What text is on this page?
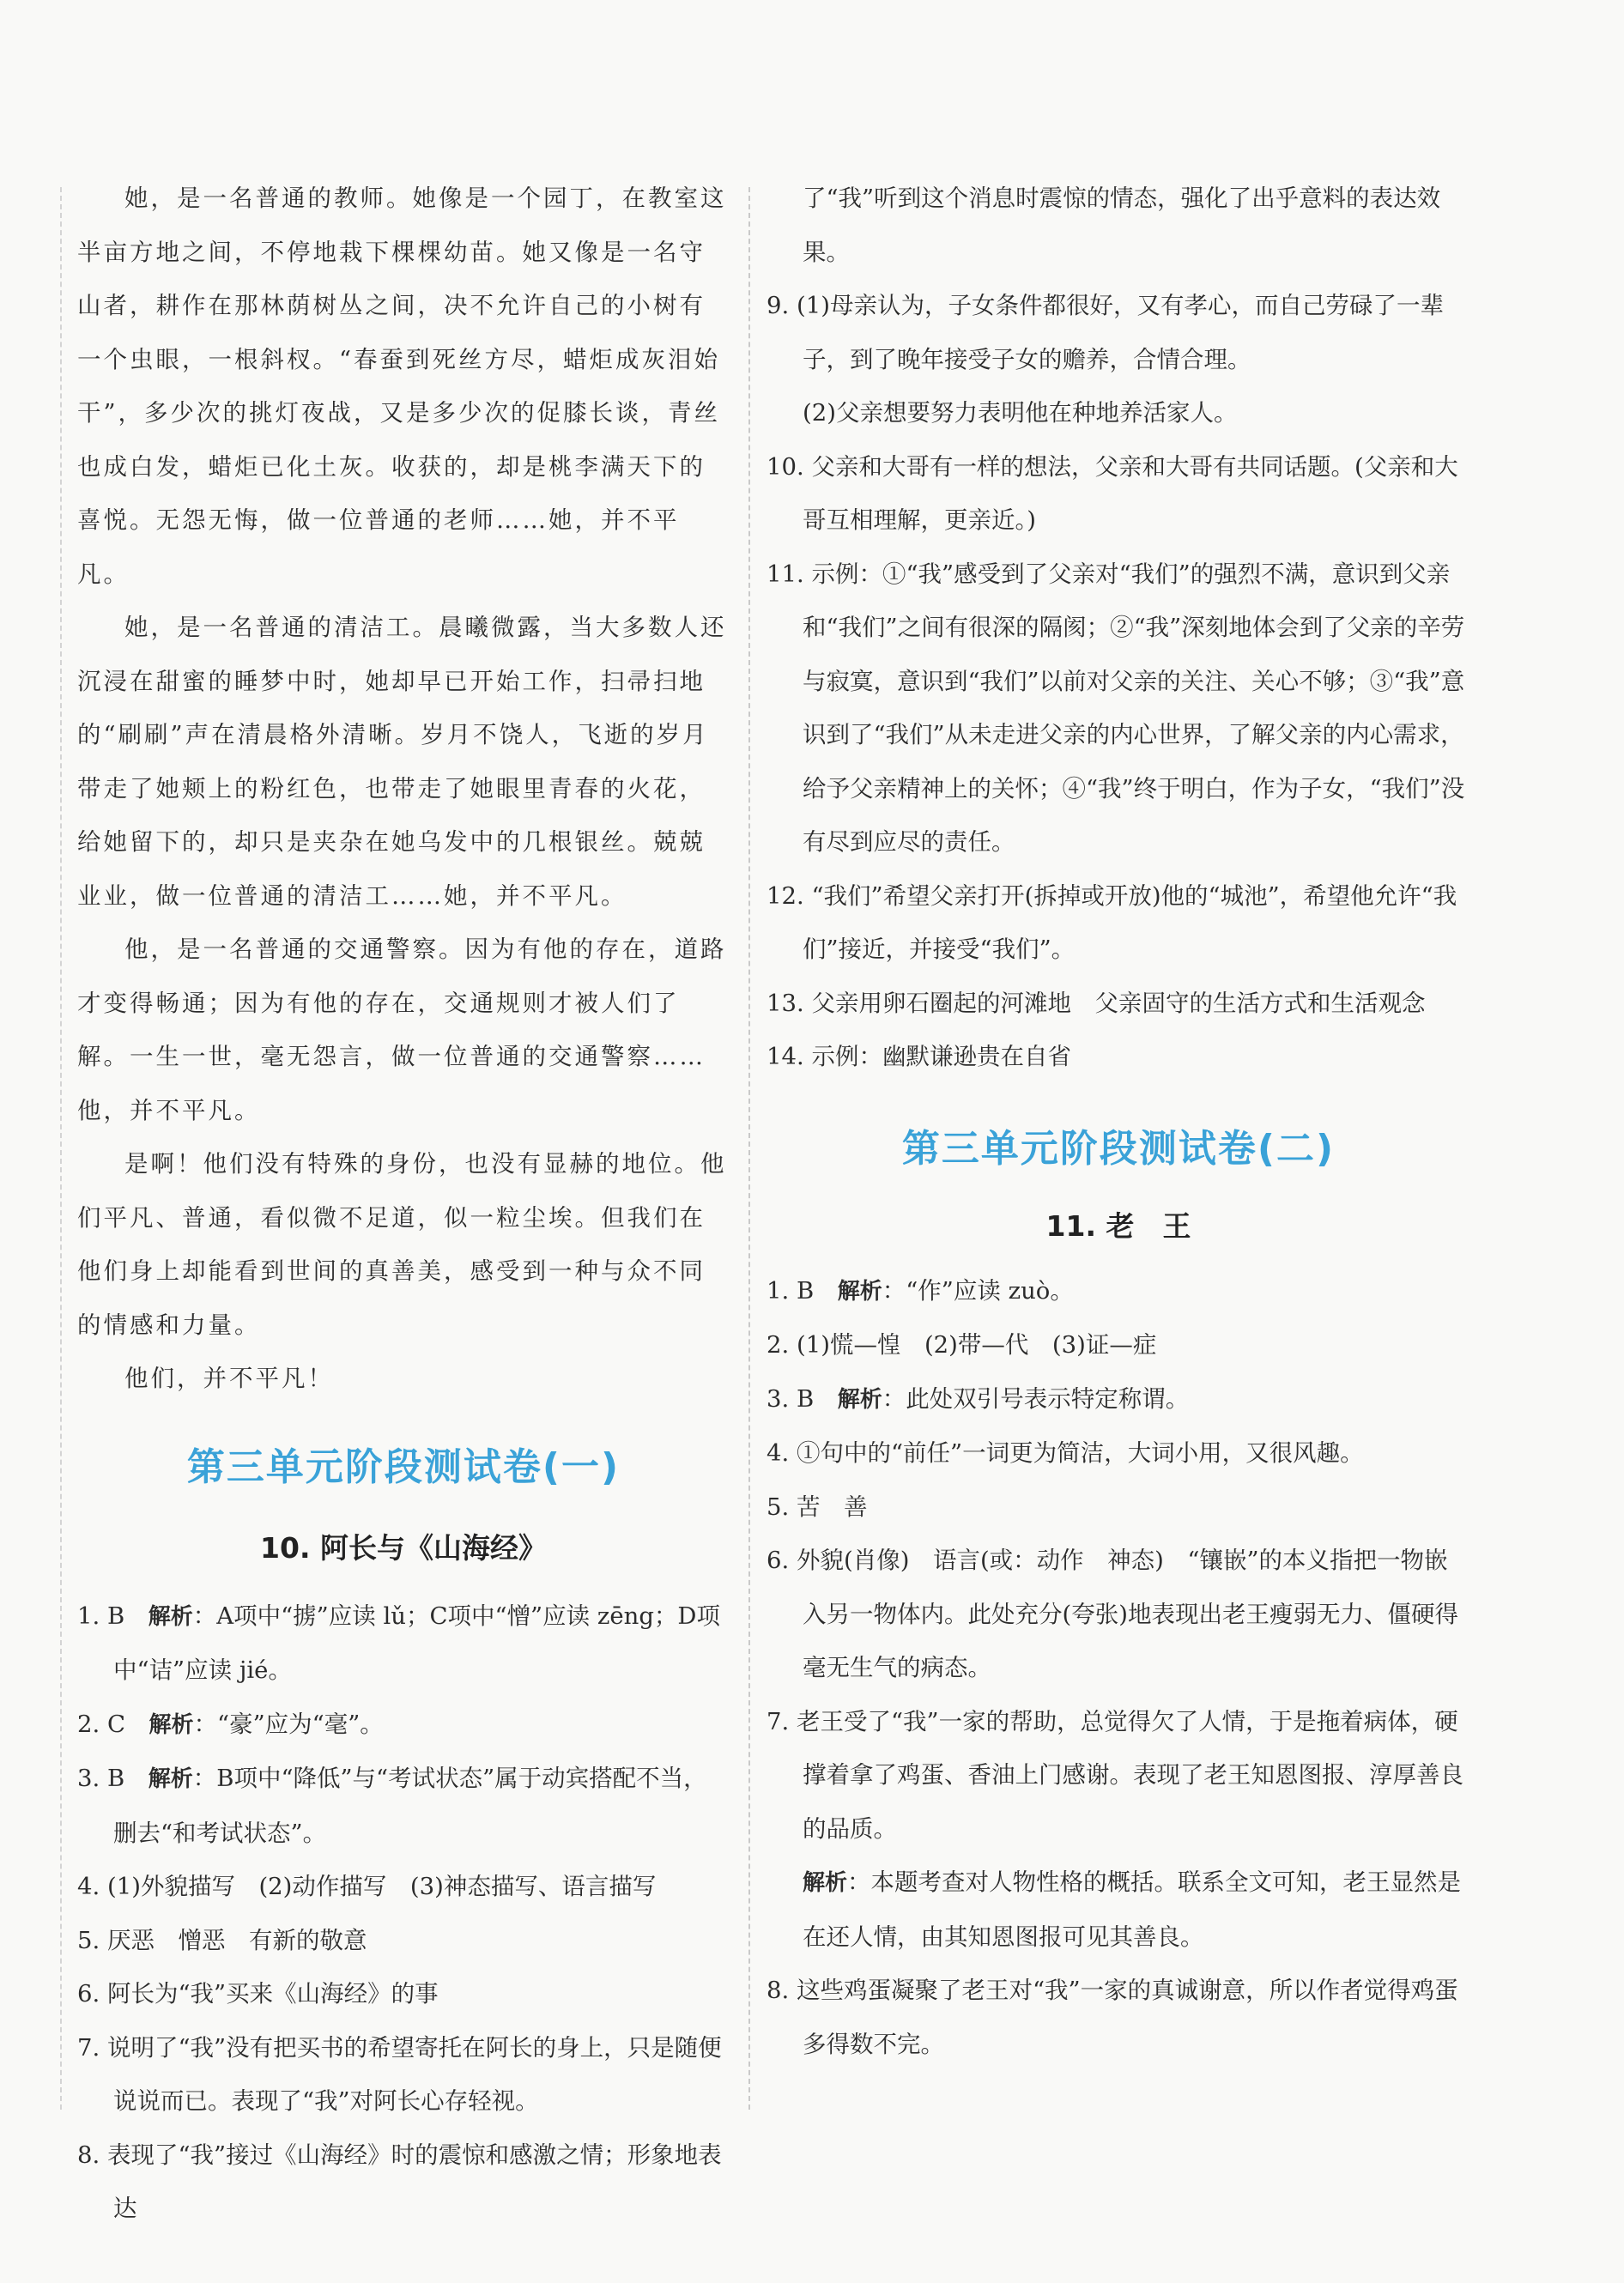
她，是一名普通的教师。她像是一个园丁，在教室这半亩方地之间，不停地栽下棵棵幼苗。她又像是一名守山者，耕作在那林荫树丛之间，决不允许自己的小树有一个虫眼，一根斜杈。“春蚕到死丝方尽，蜡炬成灰泪始干”，多少次的挑灯夜战，又是多少次的促膝长谈，青丝也成白发，蜡炬已化土灰。收获的，却是桃李满天下的喜悦。无怨无悔，做一位普通的老师……她，并不平凡。

她，是一名普通的清洁工。晨曦微露，当大多数人还沉浸在甜蜜的睡梦中时，她却早已开始工作，扫帚扫地的“刷刷”声在清晨格外清晰。岁月不饶人，飞逝的岁月带走了她颊上的粉红色，也带走了她眼里青春的火花，给她留下的，却只是夹杂在她乌发中的几根银丝。兢兢业业，做一位普通的清洁工……她，并不平凡。

他，是一名普通的交通警察。因为有他的存在，道路才变得畅通；因为有他的存在，交通规则才被人们了解。一生一世，毫无怨言，做一位普通的交通警察……他，并不平凡。

是啊！他们没有特殊的身份，也没有显赫的地位。他们平凡、普通，看似微不足道，似一粒尘埃。但我们在他们身上却能看到世间的真善美，感受到一种与众不同的情感和力量。

他们，并不平凡！

第三单元阶段测试卷(一)
10. 阿长与《山海经》

1. B　 解析：A项中“掳”应读 lǔ；C项中“憎”应读 zēng；D项中“诘”应读 jié。

2. C　 解析：“豪”应为“毫”。

3. B　 解析：B项中“降低”与“考试状态”属于动宾搭配不当，删去“和考试状态”。

4. (1)外貌描写　(2)动作描写　(3)神态描写、语言描写

5. 厌恶　憎恶　有新的敬意

6. 阿长为“我”买来《山海经》的事

7. 说明了“我”没有把买书的希望寄托在阿长的身上，只是随便说说而已。表现了“我”对阿长心存轻视。

8. 表现了“我”接过《山海经》时的震惊和感激之情；形象地表达

了“我”听到这个消息时震惊的情态，强化了出乎意料的表达效果。

9. (1)母亲认为，子女条件都很好，又有孝心，而自己劳碌了一辈子，到了晚年接受子女的赡养，合情合理。

(2)父亲想要努力表明他在种地养活家人。

10. 父亲和大哥有一样的想法，父亲和大哥有共同话题。(父亲和大哥互相理解，更亲近。)

11. 示例：①“我”感受到了父亲对“我们”的强烈不满，意识到父亲和“我们”之间有很深的隔阂；②“我”深刻地体会到了父亲的辛劳与寂寞，意识到“我们”以前对父亲的关注、关心不够；③“我”意识到了“我们”从未走进父亲的内心世界，了解父亲的内心需求，给予父亲精神上的关怀；④“我”终于明白，作为子女，“我们”没有尽到应尽的责任。

12. “我们”希望父亲打开(拆掉或开放)他的“城池”，希望他允许“我们”接近，并接受“我们”。

13. 父亲用卵石圈起的河滩地　父亲固守的生活方式和生活观念

14. 示例：幽默谦逊贵在自省

第三单元阶段测试卷(二)
11. 老　王

1. B　 解析：“作”应读 zuò。

2. (1)慌—惶　(2)带—代　(3)证—症

3. B　 解析：此处双引号表示特定称谓。

4. ①句中的“前任”一词更为简洁，大词小用，又很风趣。

5. 苦　善

6. 外貌(肖像)　语言(或：动作　神态)　“镶嵌”的本义指把一物嵌入另一物体内。此处充分(夸张)地表现出老王瘦弱无力、僵硬得毫无生气的病态。

7. 老王受了“我”一家的帮助，总觉得欠了人情，于是拖着病体，硬撑着拿了鸡蛋、香油上门感谢。表现了老王知恩图报、淳厚善良的品质。

解析：本题考查对人物性格的概括。联系全文可知，老王显然是在还人情，由其知恩图报可见其善良。

8. 这些鸡蛋凝聚了老王对“我”一家的真诚谢意，所以作者觉得鸡蛋多得数不完。
